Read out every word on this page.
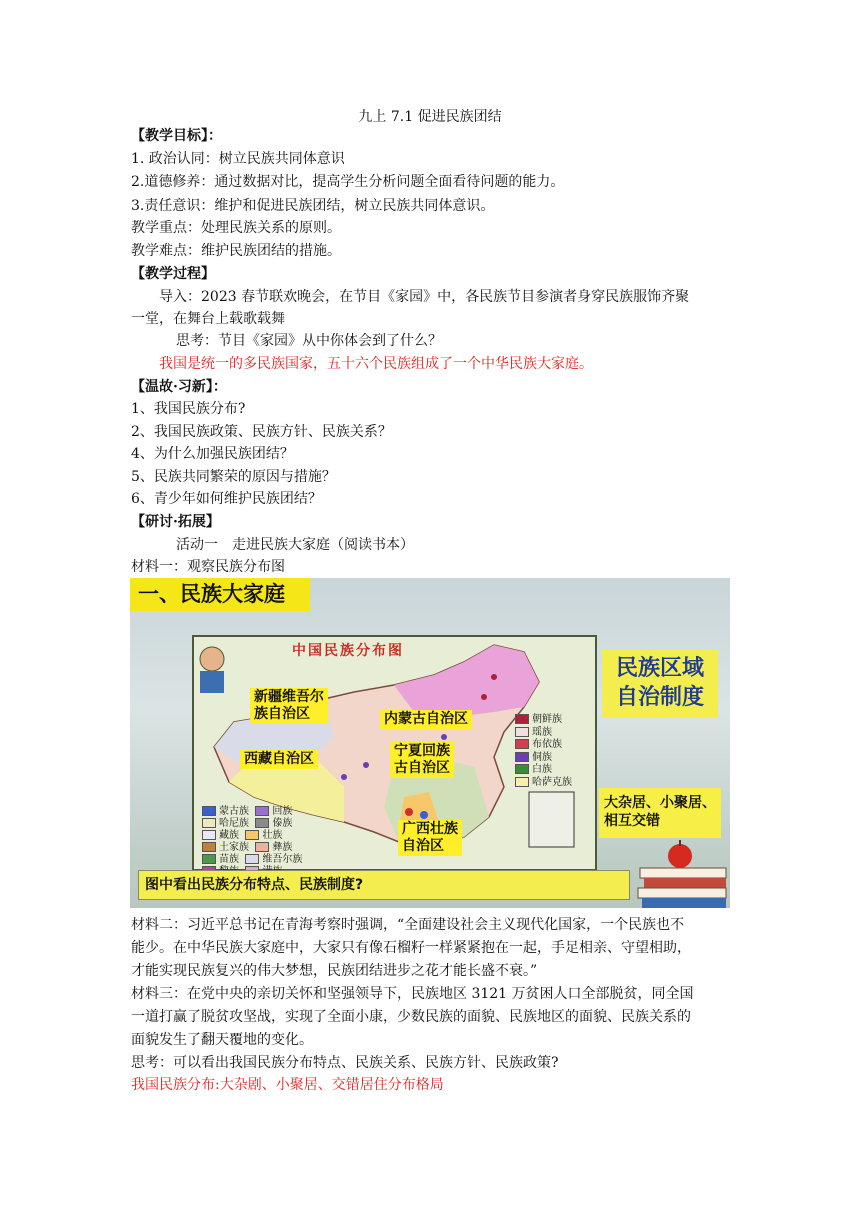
九上 7.1 促进民族团结
【教学目标】：
1. 政治认同：树立民族共同体意识
2.道德修养：通过数据对比，提高学生分析问题全面看待问题的能力。
3.责任意识：维护和促进民族团结，树立民族共同体意识。
教学重点：处理民族关系的原则。
教学难点：维护民族团结的措施。
【教学过程】
导入：2023 春节联欢晚会，在节目《家园》中，各民族节目参演者身穿民族服饰齐聚
一堂，在舞台上载歌载舞
思考：节目《家园》从中你体会到了什么？
我国是统一的多民族国家，五十六个民族组成了一个中华民族大家庭。
【温故·习新】：
1、我国民族分布?
2、我国民族政策、民族方针、民族关系？
4、为什么加强民族团结？
5、民族共同繁荣的原因与措施？
6、青少年如何维护民族团结？
【研讨·拓展】
活动一　走进民族大家庭（阅读书本）
材料一：观察民族分布图
一、民族大家庭
中国民族分布图
新疆维吾尔
族自治区	内蒙古自治区
西藏自治区	宁夏回族
古自治区
广西壮族
自治区
朝鲜族
瑶族
布依族
侗族
白族
哈萨克族
蒙古族 回族
哈尼族 傣族
藏族 壮族
土家族 彝族
苗族 维吾尔族

民族区域
自治制度
大杂居、小聚居、
相互交错
图中看出民族分布特点、民族制度?
材料二：习近平总书记在青海考察时强调，“全面建设社会主义现代化国家，一个民族也不
能少。在中华民族大家庭中，大家只有像石榴籽一样紧紧抱在一起，手足相亲、守望相助，
才能实现民族复兴的伟大梦想，民族团结进步之花才能长盛不衰。”
材料三：在党中央的亲切关怀和坚强领导下，民族地区 3121 万贫困人口全部脱贫，同全国
一道打赢了脱贫攻坚战，实现了全面小康，少数民族的面貌、民族地区的面貌、民族关系的
面貌发生了翻天覆地的变化。
思考：可以看出我国民族分布特点、民族关系、民族方针、民族政策?
我国民族分布:大杂剧、小聚居、交错居住分布格局
